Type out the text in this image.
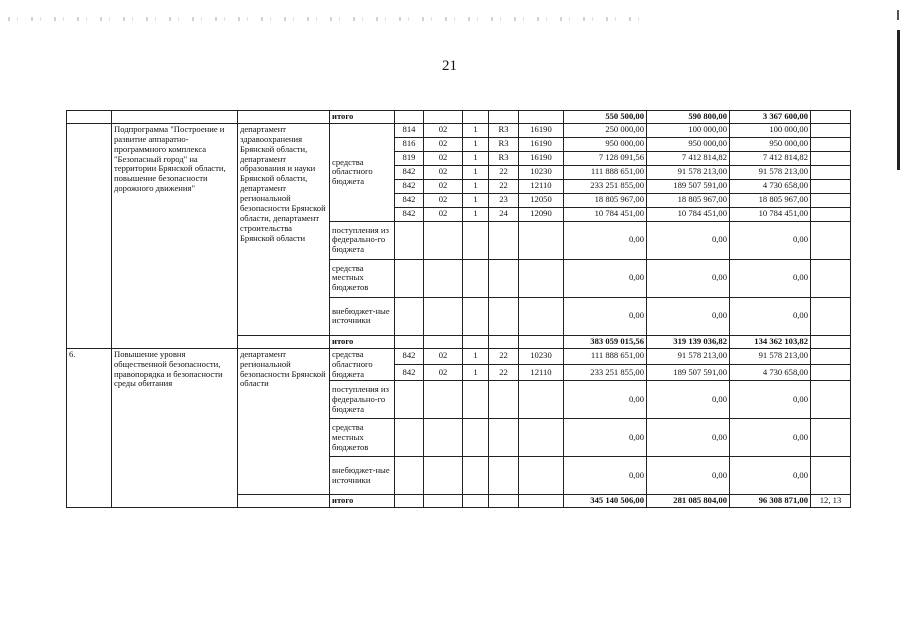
21
			итого						550 500,00	590 800,00	3 367 600,00	
	Подпрограмма "Построение и развитие аппаратно-программного комплекса "Безопасный город" на территории Брянской области, повышение безопасности дорожного движения"	департамент здравоохранения Брянской области, департамент образования и науки Брянской области, департамент региональной безопасности Брянской области, департамент строительства Брянской области	средства областного бюджета	814	02	1	R3	16190	250 000,00	100 000,00	100 000,00	
				816	02	1	R3	16190	950 000,00	950 000,00	950 000,00	
				819	02	1	R3	16190	7 128 091,56	7 412 814,82	7 412 814,82	
				842	02	1	22	10230	111 888 651,00	91 578 213,00	91 578 213,00	
				842	02	1	22	12110	233 251 855,00	189 507 591,00	4 730 658,00	
				842	02	1	23	12050	18 805 967,00	18 805 967,00	18 805 967,00	
				842	02	1	24	12090	10 784 451,00	10 784 451,00	10 784 451,00	
			поступления из федерально-го бюджета						0,00	0,00	0,00	
			средства местных бюджетов						0,00	0,00	0,00	
			внебюджет-ные источники						0,00	0,00	0,00	
			итого						383 059 015,56	319 139 036,82	134 362 103,82	
6.	Повышение уровня общественной безопасности, правопорядка и безопасности среды обитания	департамент региональной безопасности Брянской области	средства областного бюджета	842	02	1	22	10230	111 888 651,00	91 578 213,00	91 578 213,00	
				842	02	1	22	12110	233 251 855,00	189 507 591,00	4 730 658,00	
			поступления из федерально-го бюджета						0,00	0,00	0,00	
			средства местных бюджетов						0,00	0,00	0,00	
			внебюджет-ные источники						0,00	0,00	0,00	
			итого						345 140 506,00	281 085 804,00	96 308 871,00	12, 13
